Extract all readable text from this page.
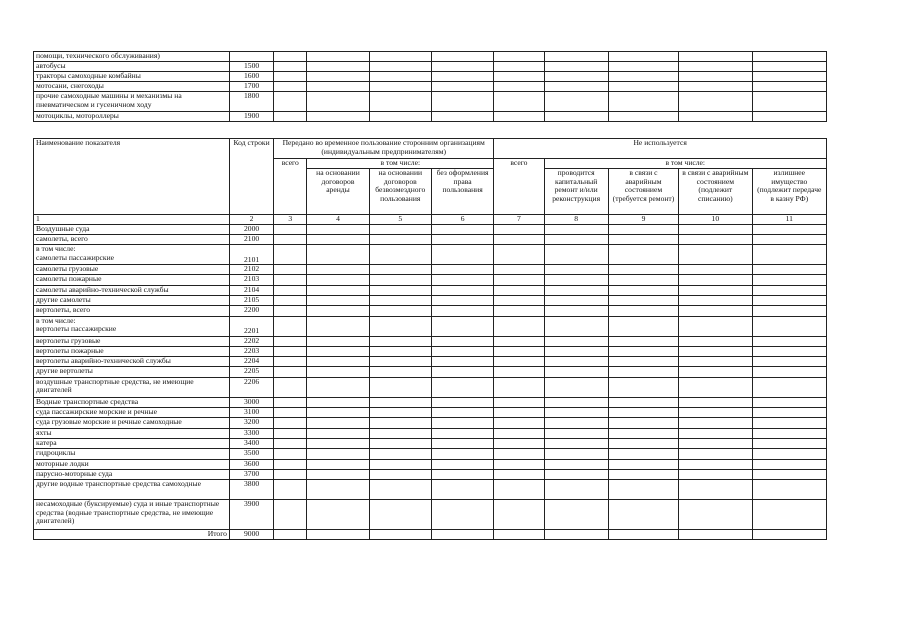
помощи, технического обслуживания)										
автобусы	1500									
тракторы самоходные комбайны	1600									
мотосани, снегоходы	1700									
прочие самоходные машины и механизмы на пневматическом и гусеничном ходу	1800									
мотоциклы, мотороллеры	1900									
Наименование показателя	Код строки	Передано во временное пользование сторонним организациям (индивидуальным предпринимателям)				Не используется				
		всего	в том числе:			всего	в том числе:			
			на основании договоров аренды	на основании договоров безвозмездного пользования	без оформления права пользования		проводится капитальный ремонт и/или реконструкция	в связи с аварийным состоянием (требуется ремонт)	в связи с аварийным состоянием (подлежит списанию)	излишнее имущество (подлежит передаче в казну РФ)
1	2	3	4	5	6	7	8	9	10	11
Воздушные суда	2000									
самолеты, всего	2100									
в том числе:
самолеты пассажирские	2101									
самолеты грузовые	2102									
самолеты пожарные	2103									
самолеты аварийно-технической службы	2104									
другие самолеты	2105									
вертолеты, всего	2200									
в том числе:
вертолеты пассажирские	2201									
вертолеты грузовые	2202									
вертолеты пожарные	2203									
вертолеты аварийно-технической службы	2204									
другие вертолеты	2205									
воздушные транспортные средства, не имеющие двигателей	2206									
Водные транспортные средства	3000									
суда пассажирские морские и речные	3100									
суда грузовые морские и речные самоходные	3200									
яхты	3300									
катера	3400									
гидроциклы	3500									
моторные лодки	3600									
парусно-моторные суда	3700									
другие водные транспортные средства самоходные	3800									
несамоходные (буксируемые) суда и иные транспортные средства (водные транспортные средства, не имеющие двигателей)	3900									
Итого	9000									
